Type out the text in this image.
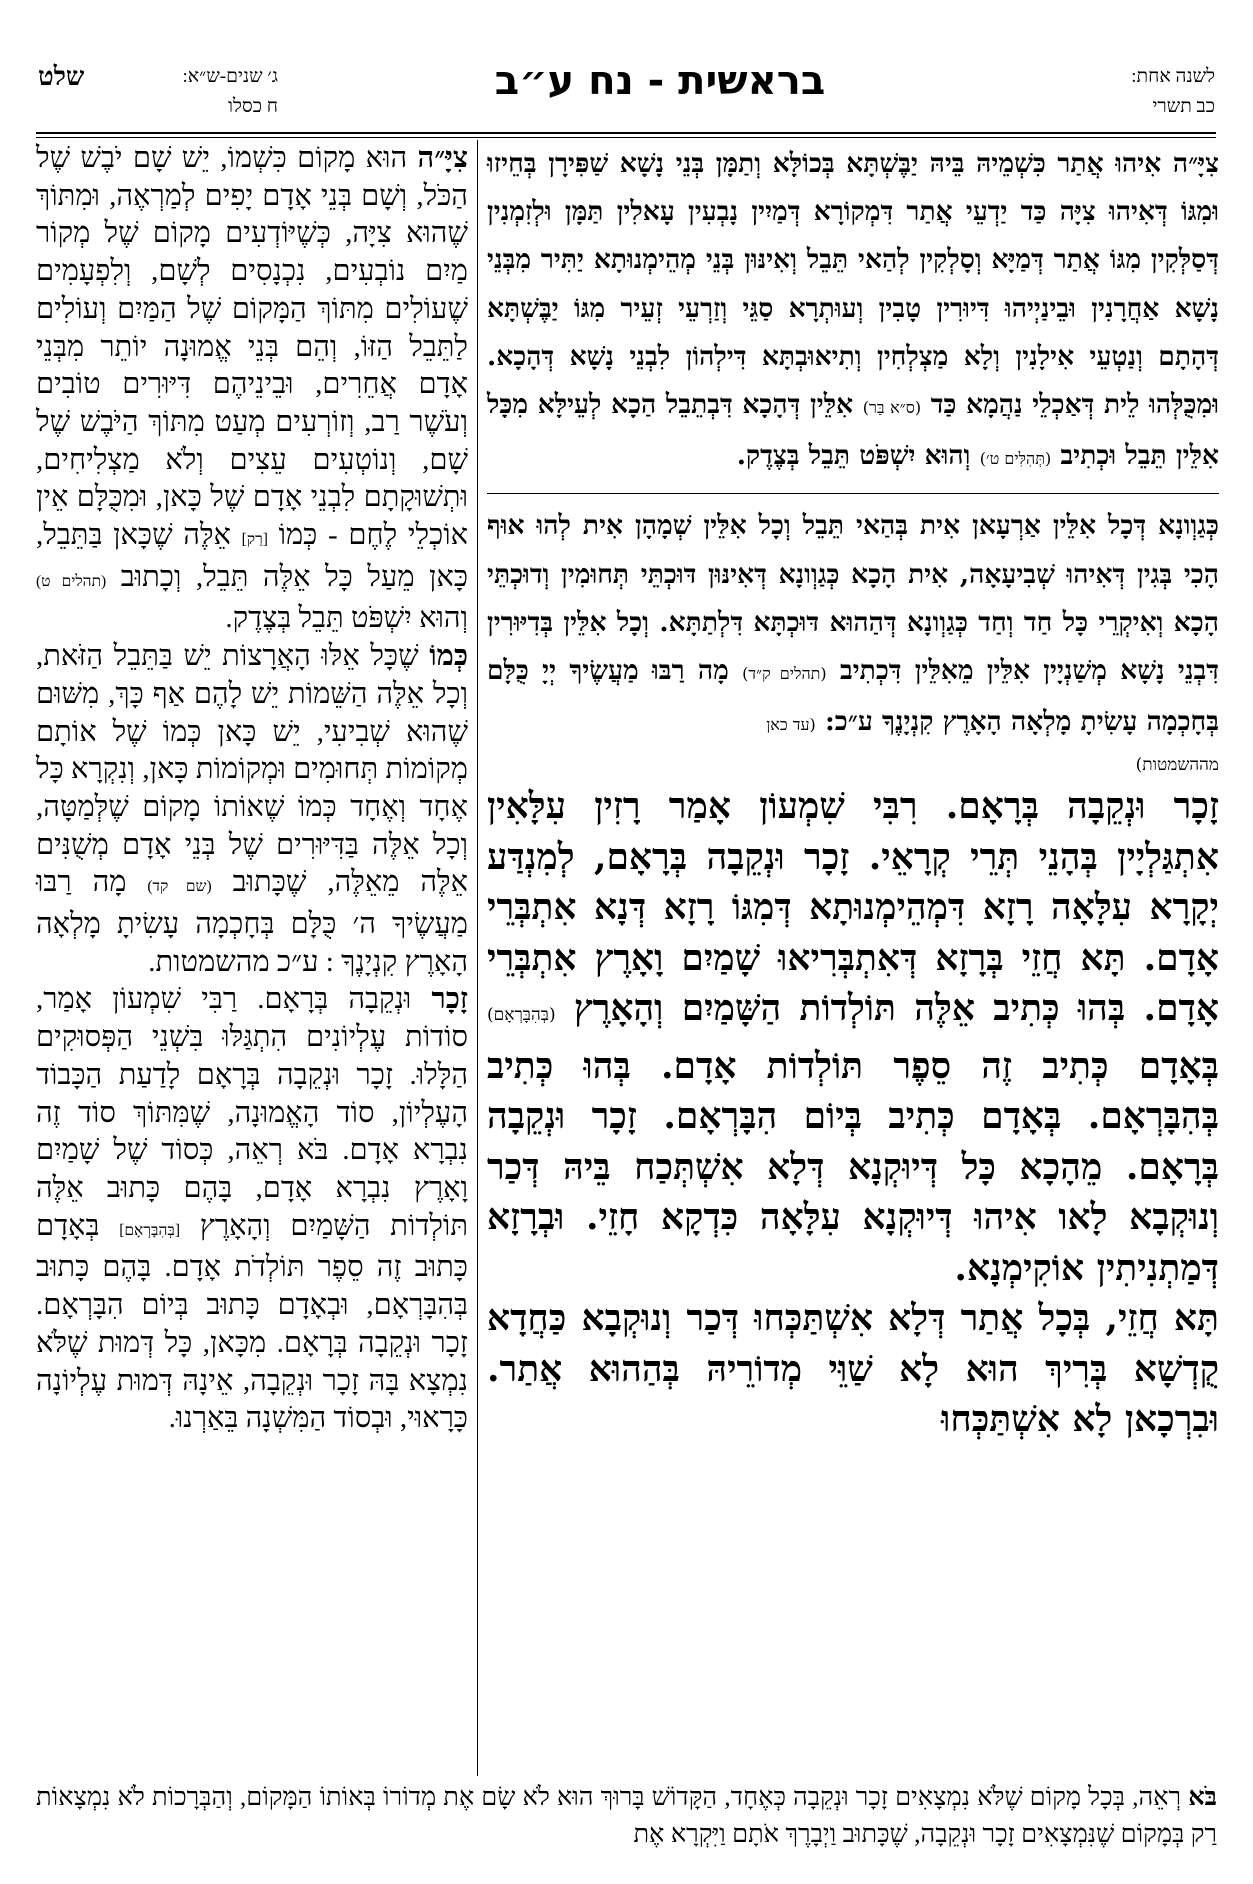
לשנה אחת:
כב תשרי
בראשית - נח ע״ב
שלט	ג׳ שנים-ש״א:
ח כסלו

צִיָּ״ה אִיהוּ אֲתַר כִּשְׁמֵיהּ בֵּיהּ יַבֶּשְׁתָּא בְּכוֹלָּא וְתַמָּן בְּנֵי נָשָׁא שַׁפִּירָן בְּחֵיזוּ וּמִגּוֹ דְּאִיהוּ צִיָּה כַּד יַדְעֵי אֲתַר דִּמְקוֹרָא דְּמַיִין נָבְעִין עָאלִין תַּמָּן וּלְזִמְנִין דְּסַלְּקִין מִגּוֹ אֲתַר דְּמַיָּא וְסָלְקִין לְהַאי תֵּבֵל וְאִינּוּן בְּנֵי מְהֵימְנוּתָא יַתִּיר מִבְּנֵי נָשָׁא אַחֲרָנִין וּבֵינַיְיהוּ דִּיוּרִין טָבִין וְעוּתְרָא סַגֵּי וְזַרְעֵי זְעֵיר מִגּוֹ יַבֶּשְׁתָּא דְּהָתָם וְנַטְעֵי אִילָנִין וְלָא מַצְלְחִין וְתִיאוּבְתָּא דִּילְהוֹן לִבְנֵי נָשָׁא דְּהָכָא. וּמִכֻּלְּהוּ לֵית דְּאַכְלֵי נַהֲמָא כַּד (ס״א בַּר) אִלֵּין דְּהָכָא דִּבְתֵבֵל הַכָא לְעֵילָּא מִכָּל אִלֵּין תֵּבֵל וּכְתִיב (תְּהִלִּים ט׳) וְהוּא יִשְׁפֹּט תֵּבֵל בְּצֶדֶק.

כְּגַוְונָא דְּכָל אִלֵּין אַרְעָאן אִית בְּהַאי תֵּבֵל וְכָל אִלֵּין שְׁמָהָן אִית לְהוּ אוּף הָכִי בְּגִין דְּאִיהוּ שְׁבִיעָאָה, אִית הָכָא כְּגַוְונָא דְּאִינּוּן דּוּכְתֵּי תְּחוּמִין וְדוּכְתֵּי הָכָא וְאִיקְרֵי כָּל חַד וְחַד כְּגַוְונָא דְּהַהוּא דּוּכְתָּא דִּלְתַתָּא. וְכָל אִלֵּין בְּדִיּוּרִין דִּבְנֵי נָשָׁא מְשַׁנְיָין אִלֵּין מֵאִלֵּין דִּכְתִיב (תהלים ק״ד) מָה רַבּוּ מַעֲשֶׂיךָ יְיָ כֻּלָּם בְּחָכְמָה עָשִׂיתָ מָלְאָה הָאָרֶץ קִנְיָנֶךָ ע״כ: (עד כאן

מההשמטות)

זָכָר וּנְקֵבָה בְּרָאָם. רִבִּי שִׁמְעוֹן אָמַר רָזִין עִלָּאִין אִתְגַּלְיָין בְּהָנֵי תְּרֵי קְרָאֵי. זָכָר וּנְקֵבָה בְּרָאָם, לְמִנְדַּע יְקָרָא עִלָּאָה רָזָא דִּמְהֵימְנוּתָא דְּמִגּוֹ רָזָא דְּנָא אִתְבְּרֵי אָדָם. תָּא חֲזֵי בְּרָזָא דְּאִתְבְּרִיאוּ שָׁמַיִם וָאָרֶץ אִתְבְּרֵי אָדָם. בְּהוּ כְּתִיב אֵלֶּה תּוֹלְדוֹת הַשָּׁמַיִם וְהָאָרֶץ (בְּהִבָּרְאָם) בְּאָדָם כְּתִיב זֶה סֵפֶר תּוֹלְדוֹת אָדָם. בְּהוּ כְּתִיב בְּהִבָּרְאָם. בְּאָדָם כְּתִיב בְּיוֹם הִבָּרְאָם. זָכָר וּנְקֵבָה בְּרָאָם. מֵהָכָא כָּל דְּיוּקְנָא דְּלָא אִשְׁתְּכַח בֵּיהּ דְּכַר וְנוּקְבָא לָאו אִיהוּ דְּיוּקְנָא עִלָּאָה כִּדְקָא חָזֵי. וּבְרָזָא דְּמַתְנִיתִין אוֹקִימְנָא.

תָּא חֲזֵי, בְּכָל אֲתַר דְּלָא אִשְׁתַּכְּחוּ דְּכַר וְנוּקְבָא כַּחֲדָא קֻדְשָׁא בְּרִיךְ הוּא לָא שַׁוֵּי מְדוֹרֵיהּ בְּהַהוּא אֲתַר. וּבִרְכָאן לָא אִשְׁתַּכְּחוּ

צִיָּ״ה הוּא מָקוֹם כִּשְׁמוֹ, יֵשׁ שָׁם יֹבֶשׁ שֶׁל הַכֹּל, וְשָׁם בְּנֵי אָדָם יָפִים לְמַרְאֶה, וּמִתּוֹךְ שֶׁהוּא צִיָּה, כְּשֶׁיּוֹדְעִים מָקוֹם שֶׁל מְקוֹר מַיִם נוֹבְעִים, נִכְנָסִים לְשָׁם, וְלִפְעָמִים שֶׁעוֹלִים מִתּוֹךְ הַמָּקוֹם שֶׁל הַמַּיִם וְעוֹלִים לַתֵּבֵל הַזּוֹ, וְהֵם בְּנֵי אֱמוּנָה יוֹתֵר מִבְּנֵי אָדָם אֲחֵרִים, וּבֵינֵיהֶם דִּיּוּרִים טוֹבִים וְעֹשֶׁר רַב, וְזוֹרְעִים מְעַט מִתּוֹךְ הַיֹּבֶשׁ שֶׁל שָׁם, וְנוֹטְעִים עֵצִים וְלֹא מַצְלִיחִים, וּתְשׁוּקָתָם לִבְנֵי אָדָם שֶׁל כָּאן, וּמִכֻּלָּם אֵין אוֹכְלֵי לֶחֶם - כְּמוֹ [רַק] אֵלֶּה שֶׁכָּאן בַּתֵּבֵל, כָּאן מֵעַל כָּל אֵלֶּה תֵּבֵל, וְכָתוּב (תהלים ט) וְהוּא יִשְׁפֹּט תֵּבֵל בְּצֶדֶק.

כְּמוֹ שֶׁכָּל אֵלּוּ הָאֲרָצוֹת יֵשׁ בַּתֵּבֵל הַזֹּאת, וְכָל אֵלֶּה הַשֵּׁמוֹת יֵשׁ לָהֶם אַף כָּךְ, מִשּׁוּם שֶׁהוּא שְׁבִיעִי, יֵשׁ כָּאן כְּמוֹ שֶׁל אוֹתָם מְקוֹמוֹת תְּחוּמִים וּמְקוֹמוֹת כָּאן, וְנִקְרָא כָּל אֶחָד וְאֶחָד כְּמוֹ שֶׁאוֹתוֹ מָקוֹם שֶׁלְּמַטָּה, וְכָל אֵלֶּה בַּדִּיּוּרִים שֶׁל בְּנֵי אָדָם מְשֻׁנִּים אֵלֶּה מֵאֵלֶּה, שֶׁכָּתוּב (שם קד) מָה רַבּוּ מַעֲשֶׂיךָ ה׳ כֻּלָּם בְּחָכְמָה עָשִׂיתָ מָלְאָה הָאָרֶץ קִנְיָנֶךָ : ע״כ מהשמטות.

זָכָר וּנְקֵבָה בְּרָאָם. רַבִּי שִׁמְעוֹן אָמַר, סוֹדוֹת עֶלְיוֹנִים הִתְגַּלּוּ בִּשְׁנֵי הַפְּסוּקִים הַלָּלוּ. זָכָר וּנְקֵבָה בְּרָאָם לָדַעַת הַכָּבוֹד הָעֶלְיוֹן, סוֹד הָאֱמוּנָה, שֶׁמִּתּוֹךְ סוֹד זֶה נִבְרָא אָדָם. בֹּא רְאֵה, כְּסוֹד שֶׁל שָׁמַיִם וָאָרֶץ נִבְרָא אָדָם, בָּהֶם כָּתוּב אֵלֶּה תּוֹלְדוֹת הַשָּׁמַיִם וְהָאָרֶץ [בְּהִבָּרְאָם] בְּאָדָם כָּתוּב זֶה סֵפֶר תּוֹלְדֹת אָדָם. בָּהֶם כָּתוּב בְּהִבָּרְאָם, וּבְאָדָם כָּתוּב בְּיוֹם הִבָּרְאָם. זָכָר וּנְקֵבָה בְּרָאָם. מִכָּאן, כָּל דְּמוּת שֶׁלֹּא נִמְצָא בָּהּ זָכָר וּנְקֵבָה, אֵינָהּ דְּמוּת עֶלְיוֹנָה כָּרָאוּי, וּבְסוֹד הַמִּשְׁנָה בֵּאַרְנוּ.

בֹּא רְאֵה, בְּכָל מָקוֹם שֶׁלֹּא נִמְצָאִים זָכָר וּנְקֵבָה כְּאֶחָד, הַקָּדוֹשׁ בָּרוּךְ הוּא לֹא שָׂם אֶת מְדוֹרוֹ בְּאוֹתוֹ הַמָּקוֹם, וְהַבְּרָכוֹת לֹא נִמְצָאוֹת רַק בְּמָקוֹם שֶׁנִּמְצָאִים זָכָר וּנְקֵבָה, שֶׁכָּתוּב וַיְבָרֶךְ אֹתָם וַיִּקְרָא אֶת
